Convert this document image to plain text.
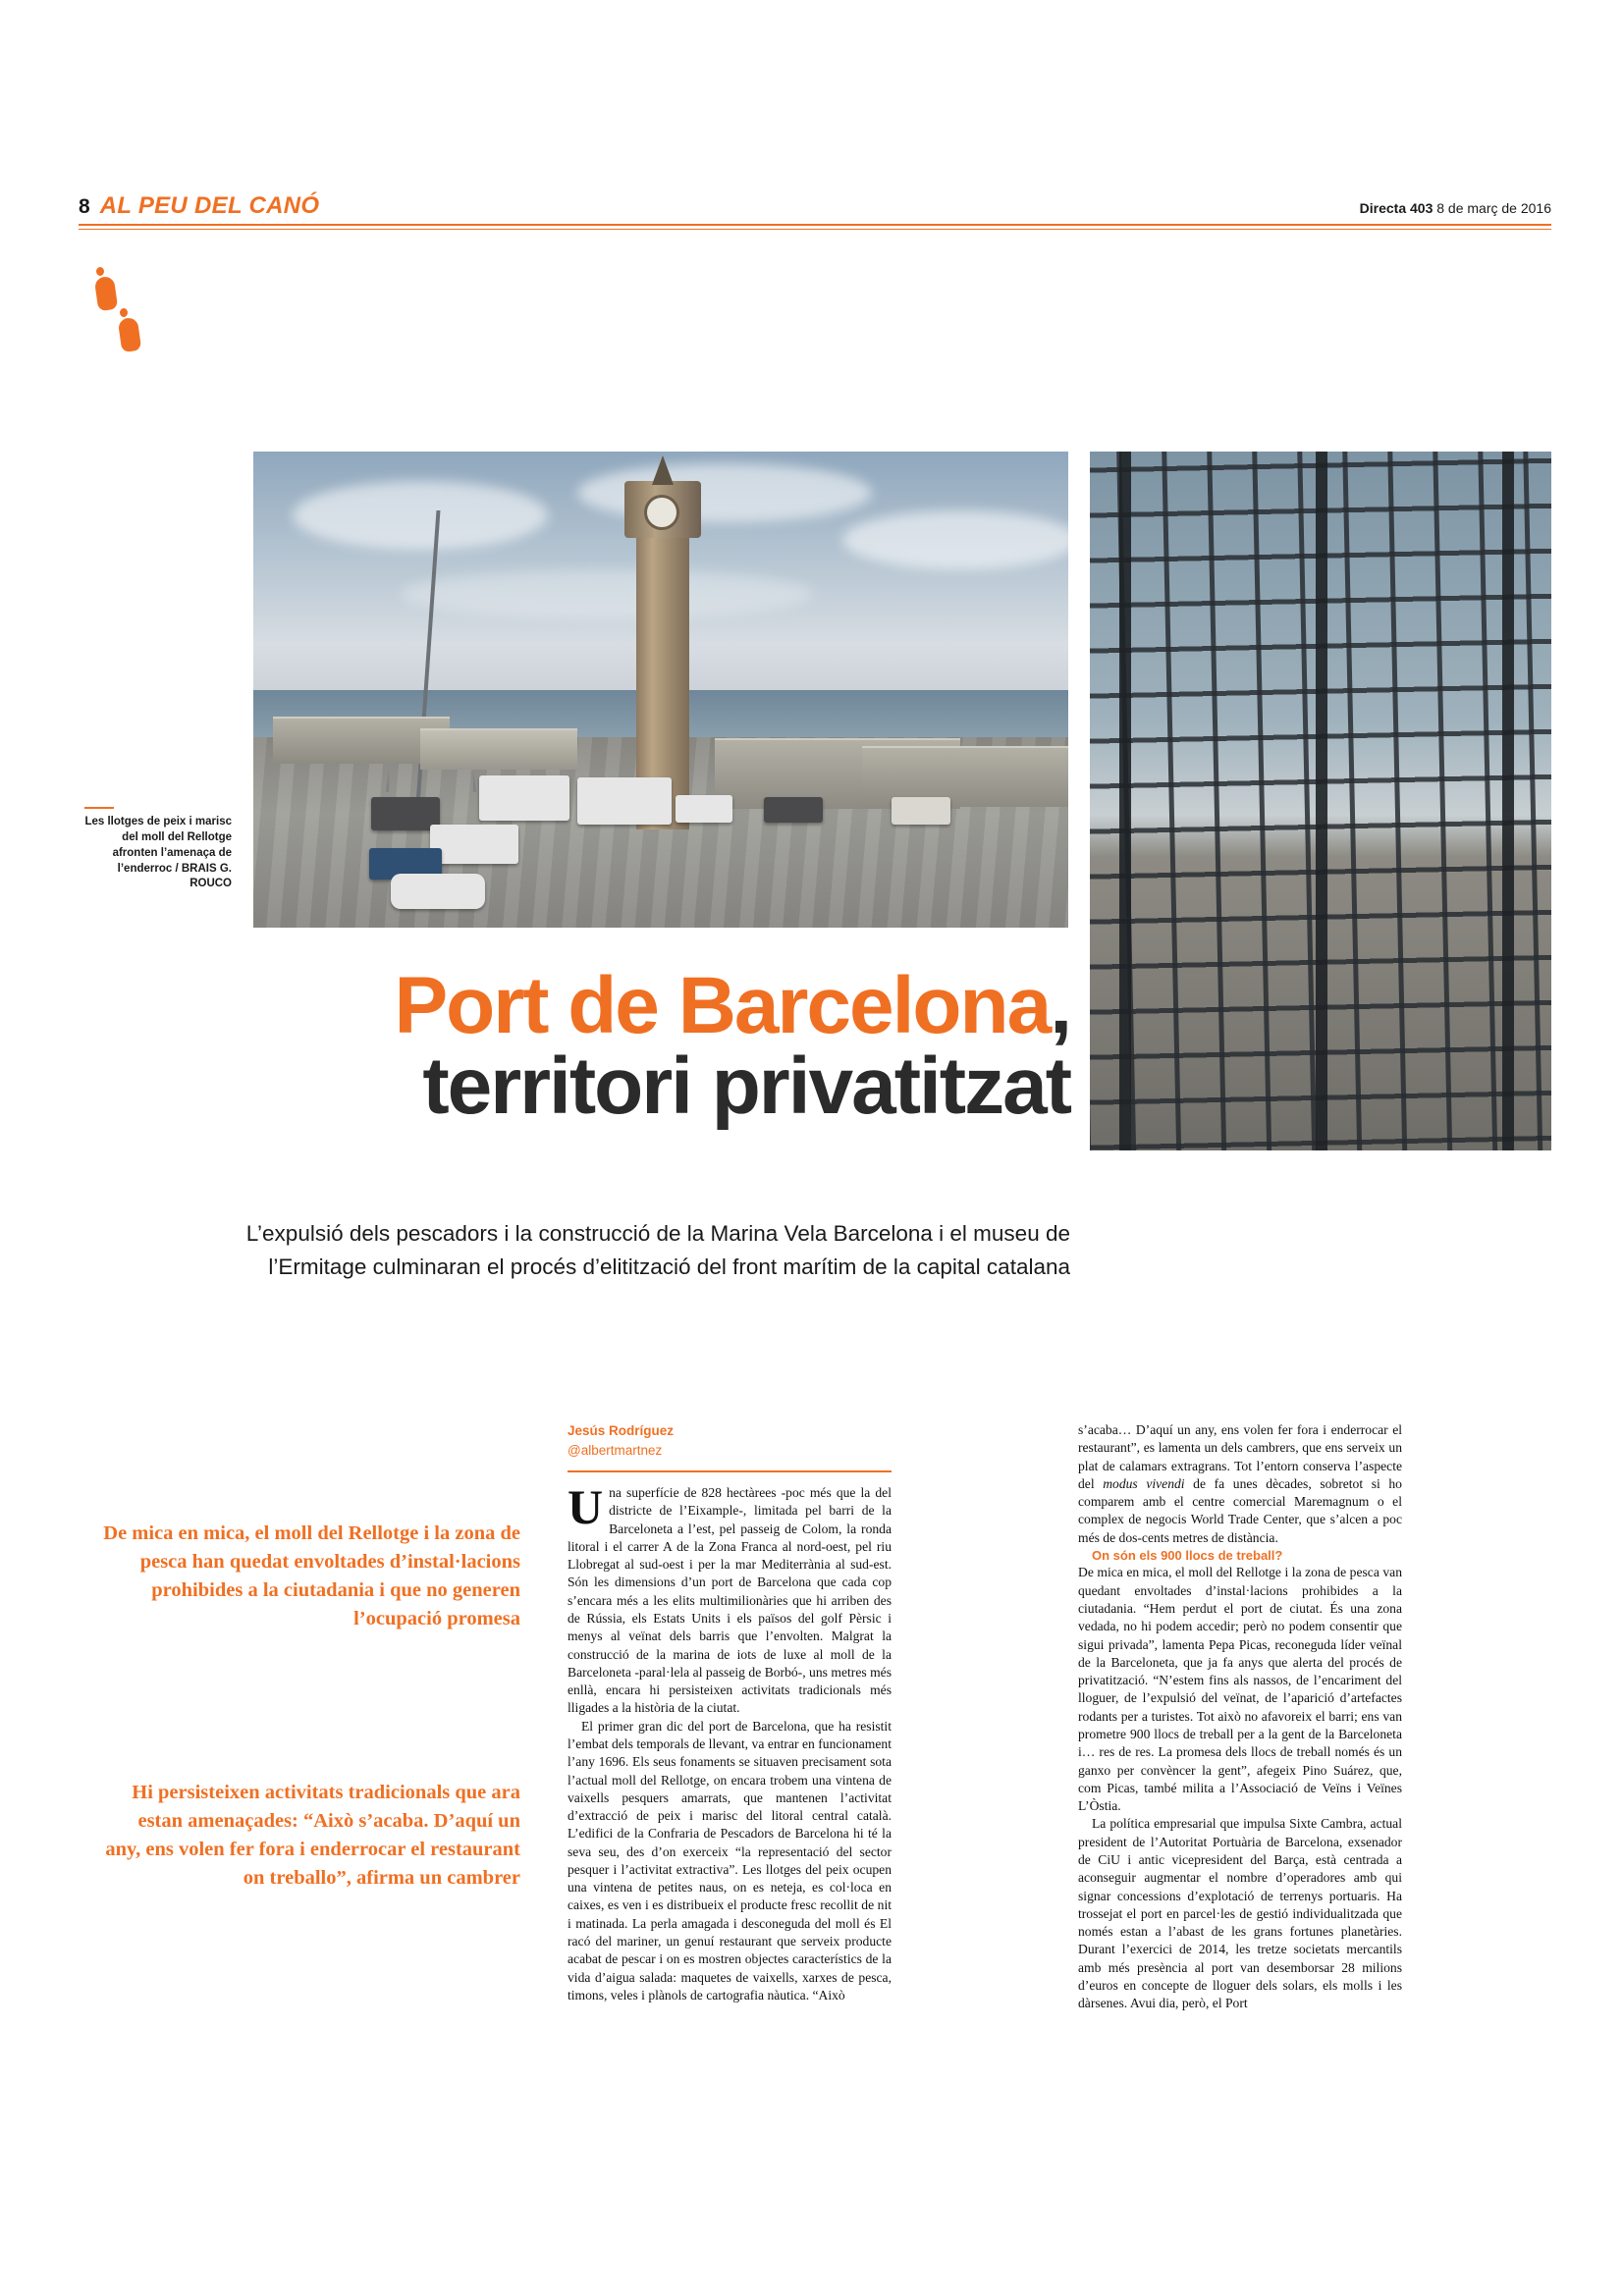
8 AL PEU DEL CANÓ	Directa 403 8 de març de 2016
Les llotges de peix i marisc del moll del Rellotge afronten l’amenaça de l’enderroc / BRAIS G. ROUCO
Port de Barcelona,
territori privatitzat
L’expulsió dels pescadors i la construcció de la Marina Vela Barcelona i el museu de l’Ermitage culminaran el procés d’elitització del front marítim de la capital catalana
Jesús Rodríguez
@albertmartnez
De mica en mica, el moll del Rellotge i la zona de pesca han quedat envoltades d’instal·lacions prohibides a la ciutadania i que no generen l’ocupació promesa
Hi persisteixen activitats tradicionals que ara estan amenaçades: “Això s’acaba. D’aquí un any, ens volen fer fora i enderrocar el restaurant on treballo”, afirma un cambrer

Una superfície de 828 hectàrees -poc més que la del districte de l’Eixample-, limitada pel barri de la Barceloneta a l’est, pel passeig de Colom, la ronda litoral i el carrer A de la Zona Franca al nord-oest, pel riu Llobregat al sud-oest i per la mar Mediterrània al sud-est. Són les dimensions d’un port de Barcelona que cada cop s’encara més a les elits multimilionàries que hi arriben des de Rússia, els Estats Units i els països del golf Pèrsic i menys al veïnat dels barris que l’envolten. Malgrat la construcció de la marina de iots de luxe al moll de la Barceloneta -paral·lela al passeig de Borbó-, uns metres més enllà, encara hi persisteixen activitats tradicionals més lligades a la història de la ciutat.

El primer gran dic del port de Barcelona, que ha resistit l’embat dels temporals de llevant, va entrar en funcionament l’any 1696. Els seus fonaments se situaven precisament sota l’actual moll del Rellotge, on encara trobem una vintena de vaixells pesquers amarrats, que mantenen l’activitat d’extracció de peix i marisc del litoral central català. L’edifici de la Confraria de Pescadors de Barcelona hi té la seva seu, des d’on exerceix “la representació del sector pesquer i l’activitat extractiva”. Les llotges del peix ocupen una vintena de petites naus, on es neteja, es col·loca en caixes, es ven i es distribueix el producte fresc recollit de nit i matinada. La perla amagada i desconeguda del moll és El racó del mariner, un genuí restaurant que serveix producte acabat de pescar i on es mostren objectes característics de la vida d’aigua salada: maquetes de vaixells, xarxes de pesca, timons, veles i plànols de cartografia nàutica. “Això

s’acaba… D’aquí un any, ens volen fer fora i enderrocar el restaurant”, es lamenta un dels cambrers, que ens serveix un plat de calamars extragrans. Tot l’entorn conserva l’aspecte del modus vivendi de fa unes dècades, sobretot si ho comparem amb el centre comercial Maremagnum o el complex de negocis World Trade Center, que s’alcen a poc més de dos-cents metres de distància.

On són els 900 llocs de treball?

De mica en mica, el moll del Rellotge i la zona de pesca van quedant envoltades d’instal·lacions prohibides a la ciutadania. “Hem perdut el port de ciutat. És una zona vedada, no hi podem accedir; però no podem consentir que sigui privada”, lamenta Pepa Picas, reconeguda líder veïnal de la Barceloneta, que ja fa anys que alerta del procés de privatització. “N’estem fins als nassos, de l’encariment del lloguer, de l’expulsió del veïnat, de l’aparició d’artefactes rodants per a turistes. Tot això no afavoreix el barri; ens van prometre 900 llocs de treball per a la gent de la Barceloneta i… res de res. La promesa dels llocs de treball només és un ganxo per convèncer la gent”, afegeix Pino Suárez, que, com Picas, també milita a l’Associació de Veïns i Veïnes L’Òstia.

La política empresarial que impulsa Sixte Cambra, actual president de l’Autoritat Portuària de Barcelona, exsenador de CiU i antic vicepresident del Barça, està centrada a aconseguir augmentar el nombre d’operadores amb qui signar concessions d’explotació de terrenys portuaris. Ha trossejat el port en parcel·les de gestió individualitzada que només estan a l’abast de les grans fortunes planetàries. Durant l’exercici de 2014, les tretze societats mercantils amb més presència al port van desemborsar 28 milions d’euros en concepte de lloguer dels solars, els molls i les dàrsenes. Avui dia, però, el Port
